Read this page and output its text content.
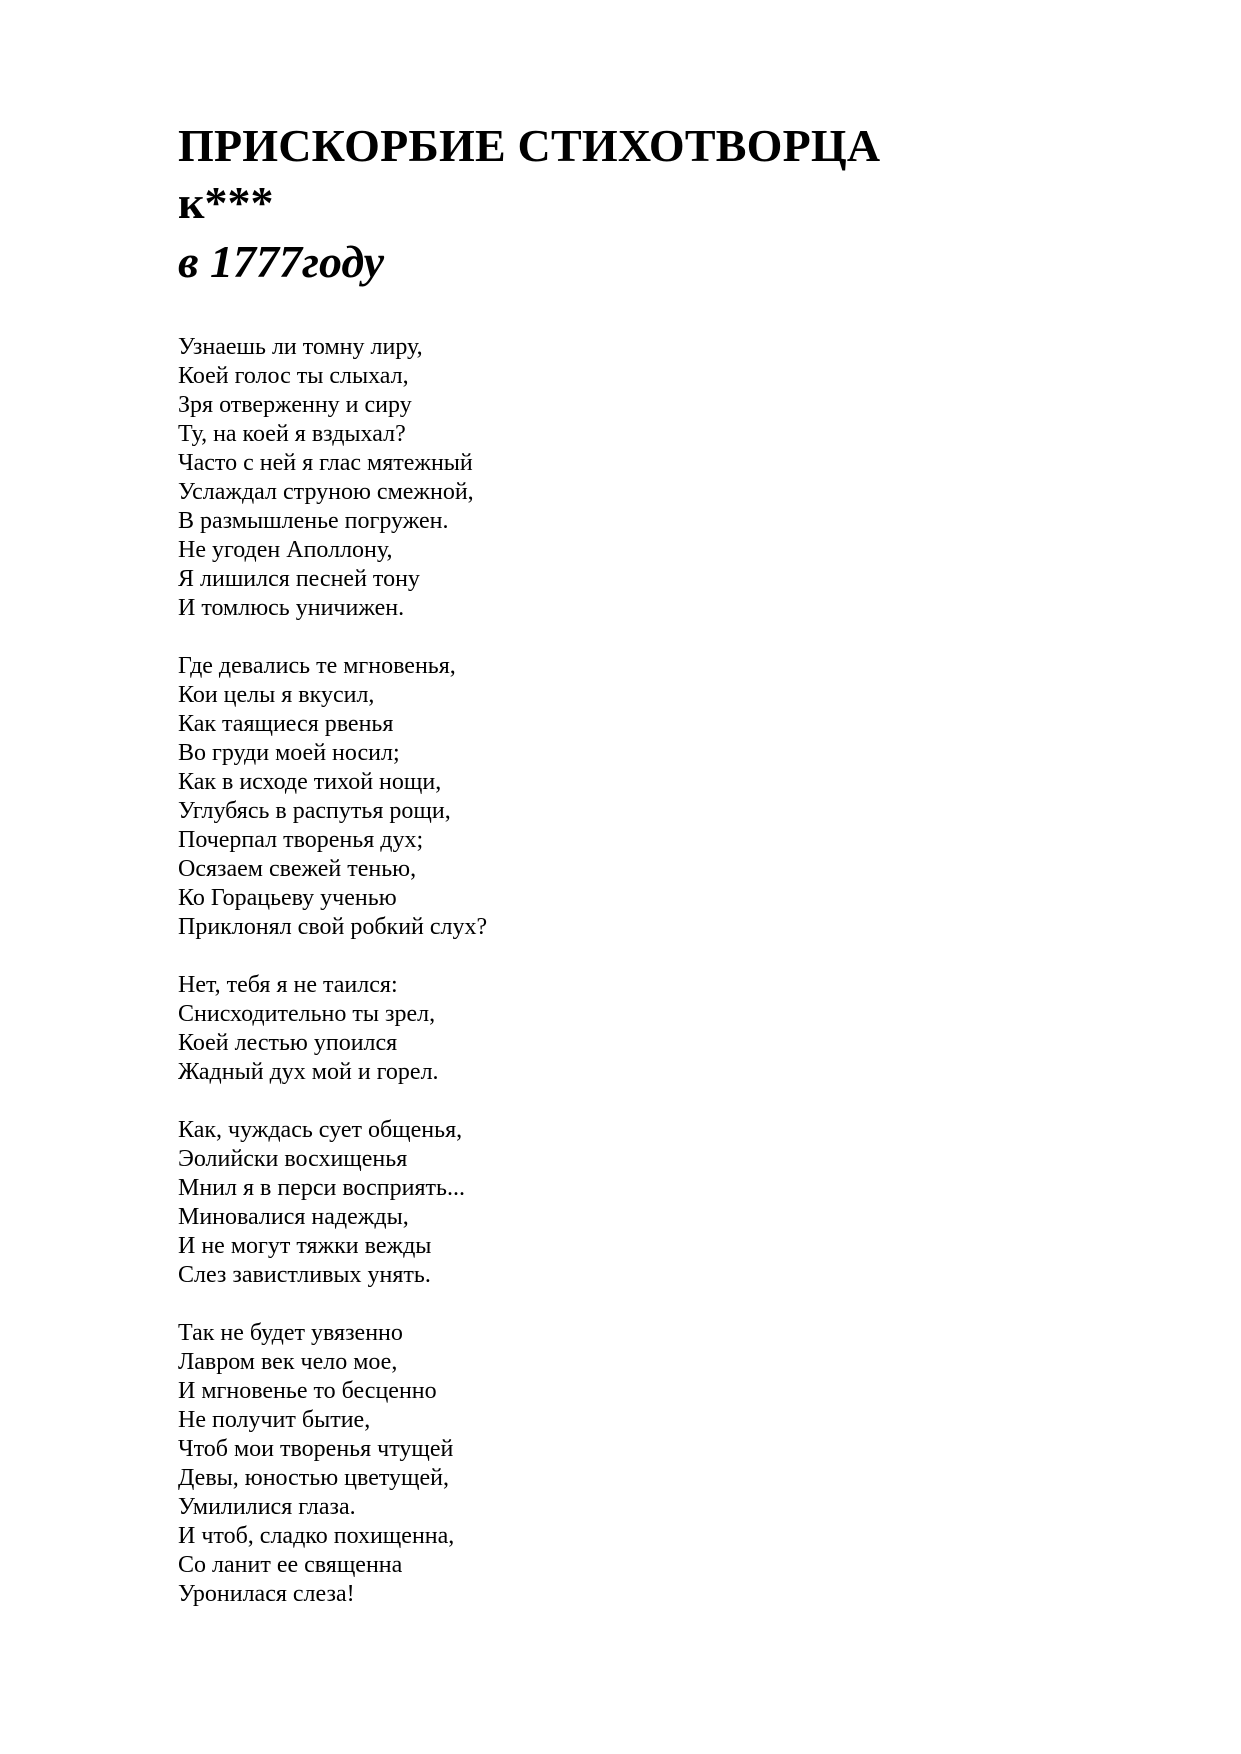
ПРИСКОРБИЕ СТИХОТВОРЦА
к***
в 1777году
Узнаешь ли томну лиру,
Коей голос ты слыхал,
Зря отверженну и сиру
Ту, на коей я вздыхал?
Часто с ней я глас мятежный
Услаждал струною смежной,
В размышленье погружен.
Не угоден Аполлону,
Я лишился песней тону
И томлюсь уничижен.
Где девались те мгновенья,
Кои целы я вкусил,
Как таящиеся рвенья
Во груди моей носил;
Как в исходе тихой нощи,
Углубясь в распутья рощи,
Почерпал творенья дух;
Осязаем свежей тенью,
Ко Горацьеву ученью
Приклонял свой робкий слух?
Нет, тебя я не таился:
Снисходительно ты зрел,
Коей лестью упоился
Жадный дух мой и горел.
Как, чуждась сует общенья,
Эолийски восхищенья
Мнил я в перси восприять...
Миновалися надежды,
И не могут тяжки вежды
Слез завистливых унять.
Так не будет увязенно
Лавром век чело мое,
И мгновенье то бесценно
Не получит бытие,
Чтоб мои творенья чтущей
Девы, юностью цветущей,
Умилилися глаза.
И чтоб, сладко похищенна,
Со ланит ее священна
Уронилася слеза!
